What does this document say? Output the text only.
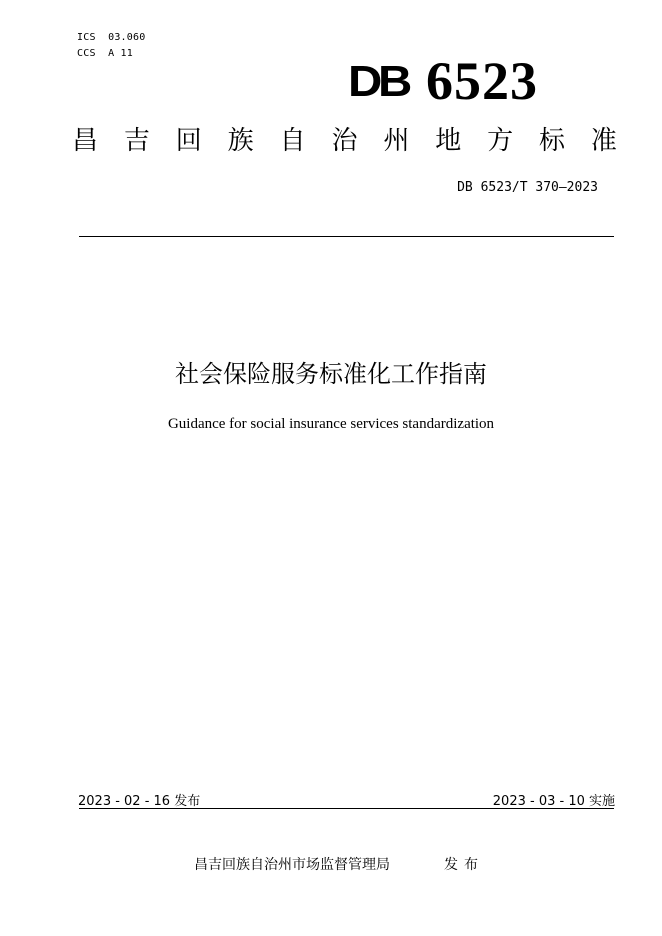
ICS  03.060
CCS  A 11
DB 6523
昌 吉 回 族 自 治 州 地 方 标 准
DB 6523/T 370—2023
社会保险服务标准化工作指南
Guidance for social insurance services standardization
2023 - 02 - 16 发布	2023 - 03 - 10 实施
昌吉回族自治州市场监督管理局	发布
